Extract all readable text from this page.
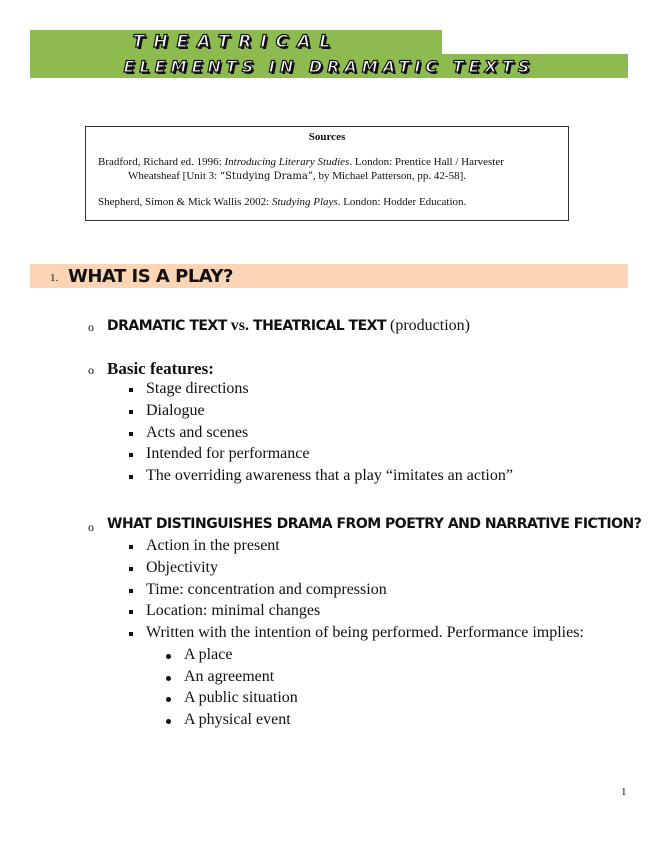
THEATRICAL
ELEMENTS IN DRAMATIC TEXTS
Sources

Bradford, Richard ed. 1996: Introducing Literary Studies. London: Prentice Hall / Harvester Wheatsheaf [Unit 3: “Studying Drama”, by Michael Patterson, pp. 42-58].

Shepherd, Simon & Mick Wallis 2002: Studying Plays. London: Hodder Education.

1. WHAT IS A PLAY?
o DRAMATIC TEXT vs. THEATRICAL TEXT (production)
o Basic features:
Stage directions
Dialogue
Acts and scenes
Intended for performance
The overriding awareness that a play “imitates an action”
o WHAT DISTINGUISHES DRAMA FROM POETRY AND NARRATIVE FICTION?
Action in the present
Objectivity
Time: concentration and compression
Location: minimal changes
Written with the intention of being performed. Performance implies:
A place
An agreement
A public situation
A physical event
1
